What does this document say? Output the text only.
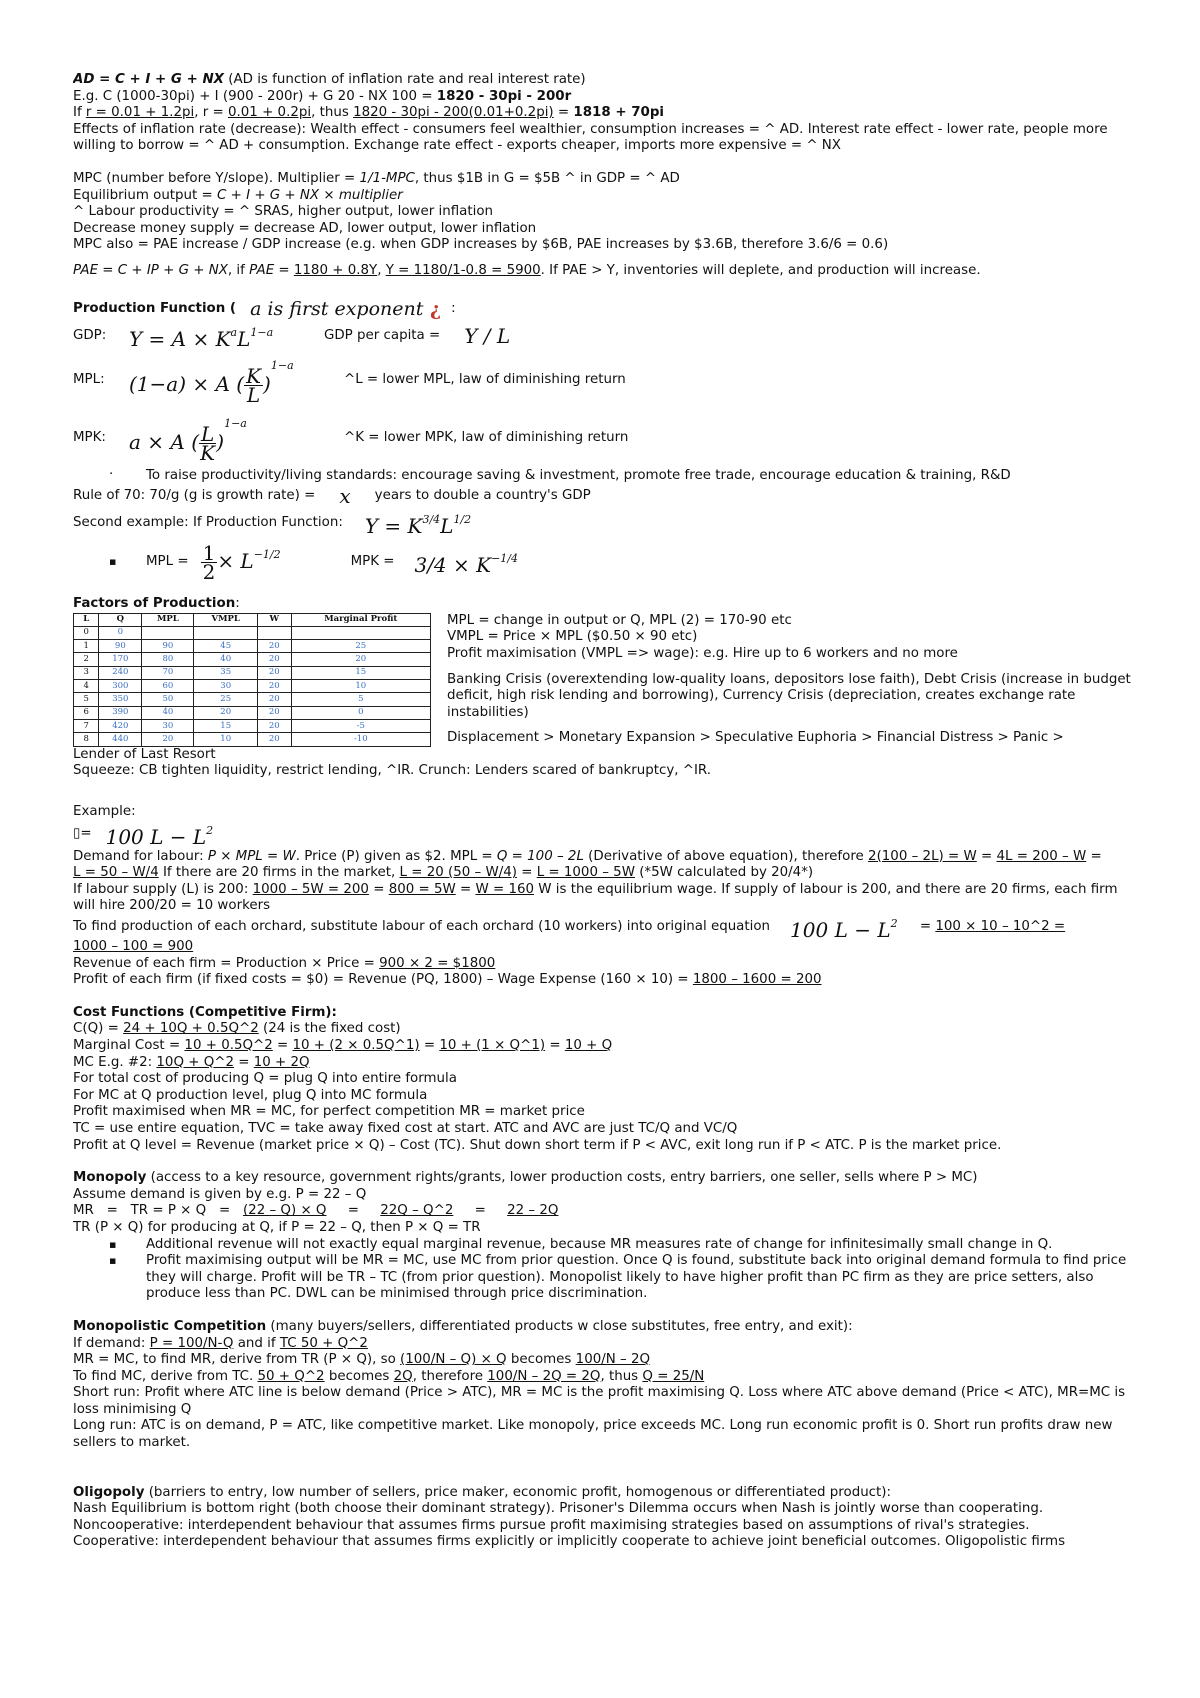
AD = C + I + G + NX (AD is function of inflation rate and real interest rate)
E.g. C (1000-30pi) + I (900 - 200r) + G 20 - NX 100 = 1820 - 30pi - 200r
If r = 0.01 + 1.2pi, r = 0.01 + 0.2pi, thus 1820 - 30pi - 200(0.01+0.2pi) = 1818 + 70pi
Effects of inflation rate (decrease): Wealth effect - consumers feel wealthier, consumption increases = ^ AD. Interest rate effect - lower rate, people more willing to borrow = ^ AD + consumption. Exchange rate effect - exports cheaper, imports more expensive = ^ NX
MPC (number before Y/slope). Multiplier = 1/1-MPC, thus $1B in G = $5B ^ in GDP = ^ AD
Equilibrium output = C + I + G + NX × multiplier
^ Labour productivity = ^ SRAS, higher output, lower inflation
Decrease money supply = decrease AD, lower output, lower inflation
MPC also = PAE increase / GDP increase (e.g. when GDP increases by $6B, PAE increases by $3.6B, therefore 3.6/6 = 0.6)
PAE = C + IP + G + NX, if PAE = 1180 + 0.8Y, Y = 1180/1-0.8 = 5900. If PAE > Y, inventories will deplete, and production will increase.
Production Function ( a is first exponent ¿ :
GDP:	$Y = A \times K^aL^{1-a}$	GDP per capita = Y / L
MPL:	(1−a) × A ( $\frac{K}{L} )^{1-a}$
^L = lower MPL, law of diminishing return
MPK:	a × A ( $\frac{L}{K} )^{1-a}$
^K = lower MPK, law of diminishing return
· To raise productivity/living standards: encourage saving & investment, promote free trade, encourage education & training, R&D
Rule of 70: 70/g (g is growth rate) = x years to double a country's GDP
Second example: If Production Function: $Y = K^{3/4}L^{1/2}$
▪	MPL = $\frac{1}{2} \times L^{-1/2}$	MPK = $3/4 \times K^{-1/4}$
Factors of Production:
L	Q	MPL	VMPL	W	Marginal Profit
0	0				
1	90	90	45	20	25
2	170	80	40	20	20
3	240	70	35	20	15
4	300	60	30	20	10
5	350	50	25	20	5
6	390	40	20	20	0
7	420	30	15	20	-5
8	440	20	10	20	-10
MPL = change in output or Q, MPL (2) = 170-90 etc
VMPL = Price × MPL ($0.50 × 90 etc)
Profit maximisation (VMPL => wage): e.g. Hire up to 6 workers and no more
Banking Crisis (overextending low-quality loans, depositors lose faith), Debt Crisis (increase in budget deficit, high risk lending and borrowing), Currency Crisis (depreciation, creates exchange rate instabilities)
Displacement > Monetary Expansion > Speculative Euphoria > Financial Distress > Panic >
Lender of Last Resort
Squeeze: CB tighten liquidity, restrict lending, ^IR. Crunch: Lenders scared of bankruptcy, ^IR.
Example:
▯= 100 $L - L^2$
Demand for labour: P × MPL = W. Price (P) given as $2. MPL = Q = 100 – 2L (Derivative of above equation), therefore 2(100 – 2L) = W = 4L = 200 – W =
L = 50 – W/4 If there are 20 firms in the market, L = 20 (50 – W/4) = L = 1000 – 5W (*5W calculated by 20/4*)
If labour supply (L) is 200: 1000 – 5W = 200 = 800 = 5W = W = 160 W is the equilibrium wage. If supply of labour is 200, and there are 20 firms, each firm will hire 200/20 = 10 workers
To find production of each orchard, substitute labour of each orchard (10 workers) into original equation 100 $L - L^2 = 100 \times 10$ – 10^2 =
1000 – 100 = 900
Revenue of each firm = Production × Price = 900 × 2 = $1800
Profit of each firm (if fixed costs = $0) = Revenue (PQ, 1800) – Wage Expense (160 × 10) = 1800 – 1600 = 200
Cost Functions (Competitive Firm):
C(Q) = 24 + 10Q + 0.5Q^2 (24 is the fixed cost)
Marginal Cost = 10 + 0.5Q^2 = 10 + (2 × 0.5Q^1) = 10 + (1 × Q^1) = 10 + Q
MC E.g. #2: 10Q + Q^2 = 10 + 2Q
For total cost of producing Q = plug Q into entire formula
For MC at Q production level, plug Q into MC formula
Profit maximised when MR = MC, for perfect competition MR = market price
TC = use entire equation, TVC = take away fixed cost at start. ATC and AVC are just TC/Q and VC/Q
Profit at Q level = Revenue (market price × Q) – Cost (TC). Shut down short term if P < AVC, exit long run if P < ATC. P is the market price.
Monopoly (access to a key resource, government rights/grants, lower production costs, entry barriers, one seller, sells where P > MC)
Assume demand is given by e.g. P = 22 – Q
MR   =   TR = P × Q   =   (22 – Q) × Q     =     22Q – Q^2     =     22 – 2Q
TR (P × Q) for producing at Q, if P = 22 – Q, then P × Q = TR
▪ Additional revenue will not exactly equal marginal revenue, because MR measures rate of change for infinitesimally small change in Q.
▪ Profit maximising output will be MR = MC, use MC from prior question. Once Q is found, substitute back into original demand formula to find price they will charge. Profit will be TR – TC (from prior question). Monopolist likely to have higher profit than PC firm as they are price setters, also produce less than PC. DWL can be minimised through price discrimination.
Monopolistic Competition (many buyers/sellers, differentiated products w close substitutes, free entry, and exit):
If demand: P = 100/N-Q and if TC 50 + Q^2
MR = MC, to find MR, derive from TR (P × Q), so (100/N – Q) × Q becomes 100/N – 2Q
To find MC, derive from TC. 50 + Q^2 becomes 2Q, therefore 100/N – 2Q = 2Q, thus Q = 25/N
Short run: Profit where ATC line is below demand (Price > ATC), MR = MC is the profit maximising Q. Loss where ATC above demand (Price < ATC), MR=MC is loss minimising Q
Long run: ATC is on demand, P = ATC, like competitive market. Like monopoly, price exceeds MC. Long run economic profit is 0. Short run profits draw new sellers to market.
Oligopoly (barriers to entry, low number of sellers, price maker, economic profit, homogenous or differentiated product):
Nash Equilibrium is bottom right (both choose their dominant strategy). Prisoner's Dilemma occurs when Nash is jointly worse than cooperating.
Noncooperative: interdependent behaviour that assumes firms pursue profit maximising strategies based on assumptions of rival's strategies.
Cooperative: interdependent behaviour that assumes firms explicitly or implicitly cooperate to achieve joint beneficial outcomes. Oligopolistic firms
